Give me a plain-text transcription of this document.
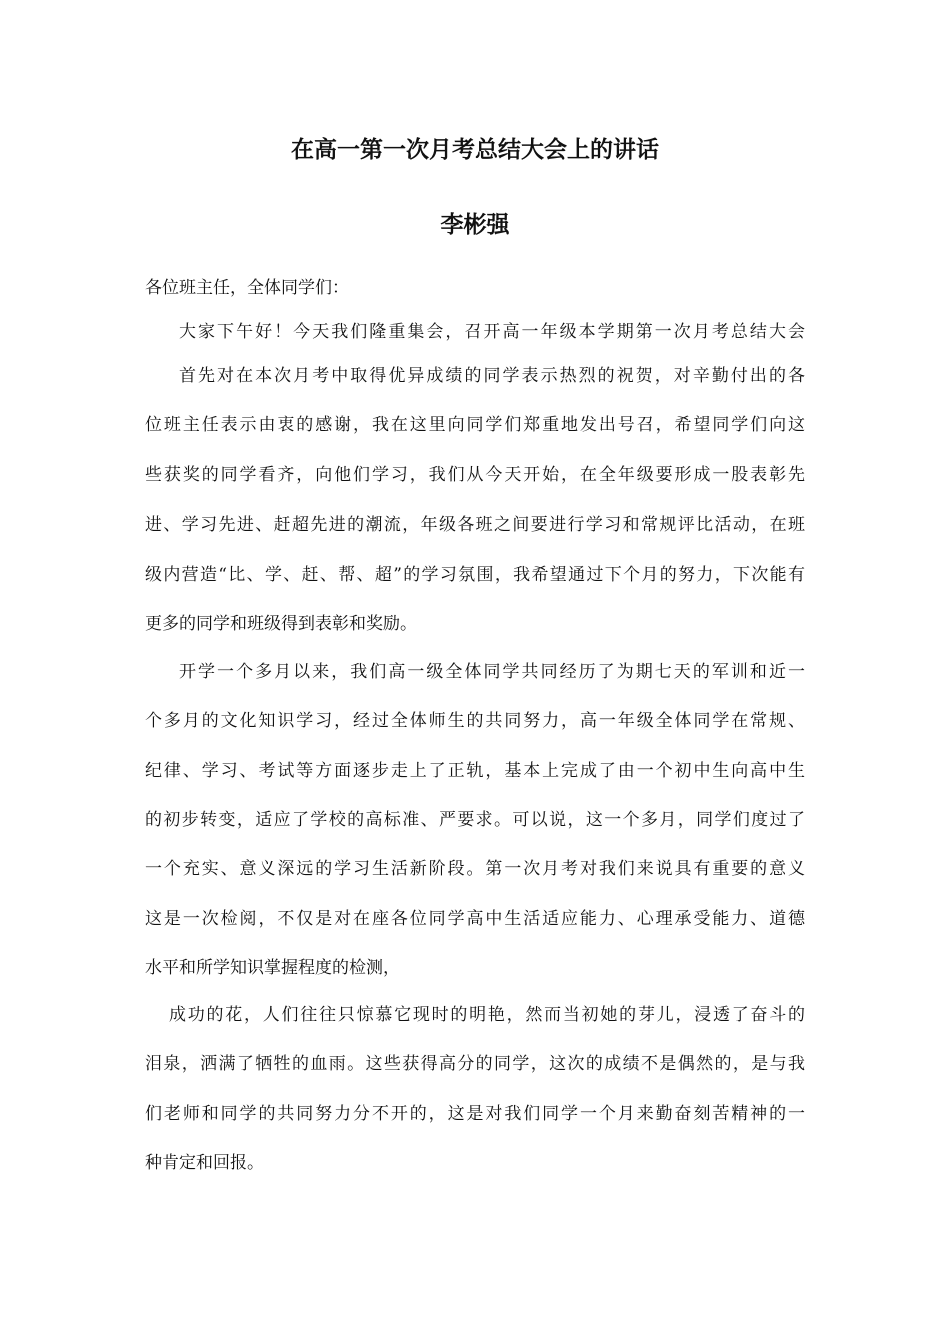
在高一第一次月考总结大会上的讲话
李彬强

各位班主任，全体同学们：

大家下午好！今天我们隆重集会，召开高一年级本学期第一次月考总结大会

首先对在本次月考中取得优异成绩的同学表示热烈的祝贺，对辛勤付出的各

位班主任表示由衷的感谢，我在这里向同学们郑重地发出号召，希望同学们向这

些获奖的同学看齐，向他们学习，我们从今天开始，在全年级要形成一股表彰先

进、学习先进、赶超先进的潮流，年级各班之间要进行学习和常规评比活动，在班

级内营造“比、学、赶、帮、超”的学习氛围，我希望通过下个月的努力，下次能有

更多的同学和班级得到表彰和奖励。

开学一个多月以来，我们高一级全体同学共同经历了为期七天的军训和近一

个多月的文化知识学习，经过全体师生的共同努力，高一年级全体同学在常规、

纪律、学习、考试等方面逐步走上了正轨，基本上完成了由一个初中生向高中生

的初步转变，适应了学校的高标准、严要求。可以说，这一个多月，同学们度过了

一个充实、意义深远的学习生活新阶段。第一次月考对我们来说具有重要的意义

这是一次检阅，不仅是对在座各位同学高中生活适应能力、心理承受能力、道德

水平和所学知识掌握程度的检测，

成功的花，人们往往只惊慕它现时的明艳，然而当初她的芽儿，浸透了奋斗的

泪泉，洒满了牺牲的血雨。这些获得高分的同学，这次的成绩不是偶然的，是与我

们老师和同学的共同努力分不开的，这是对我们同学一个月来勤奋刻苦精神的一

种肯定和回报。
